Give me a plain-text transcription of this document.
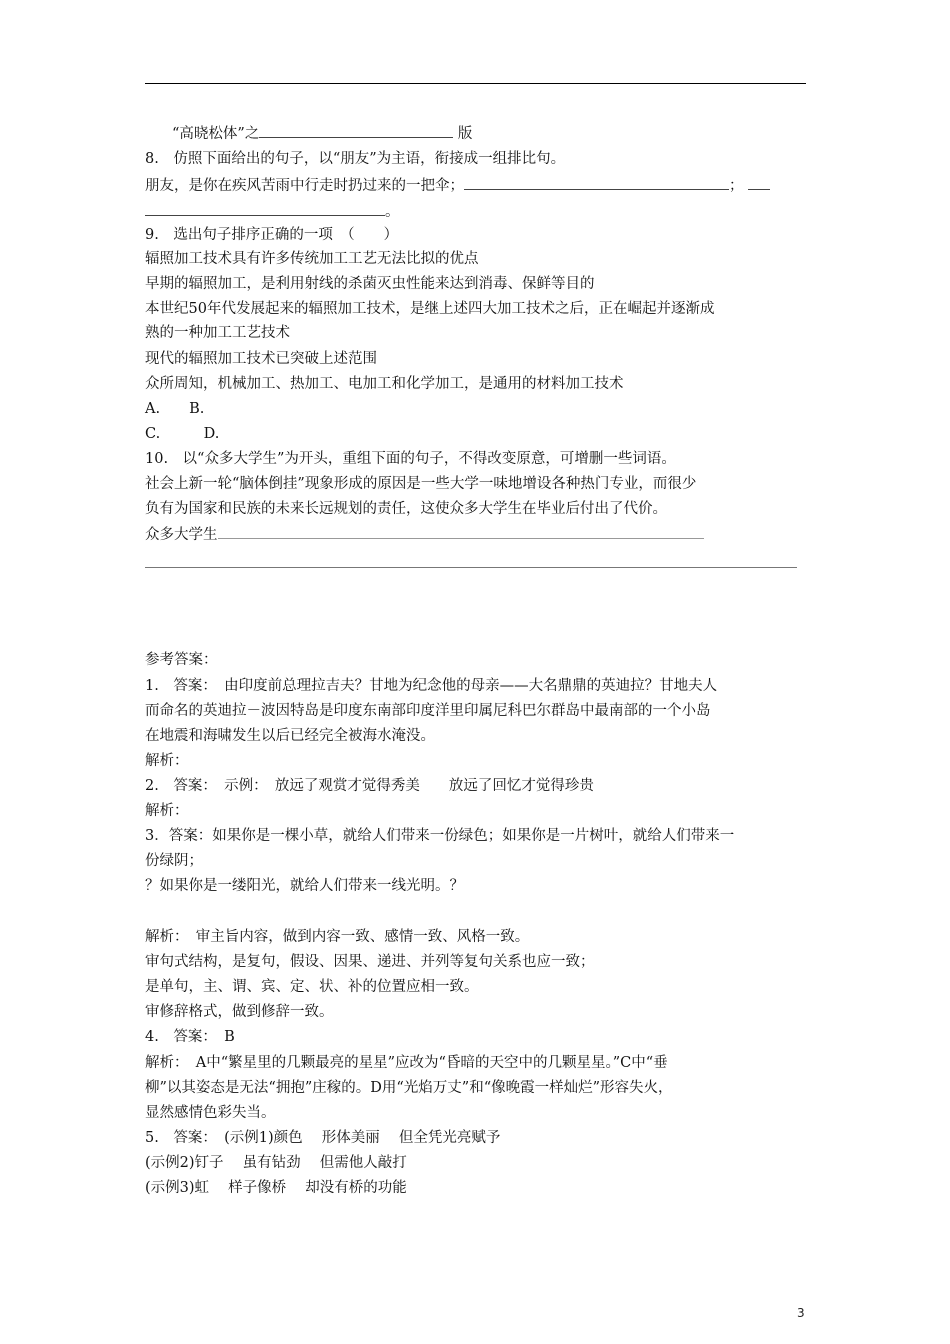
“高晓松体”之	版
8.　仿照下面给出的句子，以“朋友”为主语，衔接成一组排比句。
朋友，是你在疾风苦雨中行走时扔过来的一把伞；	；
。
9.　选出句子排序正确的一项　（　　）
辐照加工技术具有许多传统加工工艺无法比拟的优点
早期的辐照加工，是利用射线的杀菌灭虫性能来达到消毒、保鲜等目的
本世纪50年代发展起来的辐照加工技术，是继上述四大加工技术之后，正在崛起并逐渐成
熟的一种加工工艺技术
现代的辐照加工技术已突破上述范围
众所周知，机械加工、热加工、电加工和化学加工，是通用的材料加工技术
A.　　B.
C.　　　D.
10.　以“众多大学生”为开头，重组下面的句子，不得改变原意，可增删一些词语。
社会上新一轮“脑体倒挂”现象形成的原因是一些大学一味地增设各种热门专业，而很少
负有为国家和民族的未来长远规划的责任，这使众多大学生在毕业后付出了代价。
众多大学生
参考答案：
1.　答案：　由印度前总理拉吉夫？甘地为纪念他的母亲——大名鼎鼎的英迪拉？甘地夫人
而命名的英迪拉－波因特岛是印度东南部印度洋里印属尼科巴尔群岛中最南部的一个小岛
在地震和海啸发生以后已经完全被海水淹没。
解析：
2.　答案：　示例：　放远了观赏才觉得秀美　　放远了回忆才觉得珍贵
解析：
3．答案：如果你是一棵小草，就给人们带来一份绿色；如果你是一片树叶，就给人们带来一
份绿阴；
？如果你是一缕阳光，就给人们带来一线光明。？
解析：　审主旨内容，做到内容一致、感情一致、风格一致。
审句式结构，是复句，假设、因果、递进、并列等复句关系也应一致；
是单句，主、谓、宾、定、状、补的位置应相一致。
审修辞格式，做到修辞一致。
4.　答案：　B
解析：　A中“繁星里的几颗最亮的星星”应改为“昏暗的天空中的几颗星星。”C中“垂
柳”以其姿态是无法“拥抱”庄稼的。D用“光焰万丈”和“像晚霞一样灿烂”形容失火，
显然感情色彩失当。
5.　答案：　(示例1)颜色　 形体美丽　 但全凭光亮赋予
(示例2)钉子　 虽有钻劲　 但需他人敲打
(示例3)虹　 样子像桥　 却没有桥的功能
3
